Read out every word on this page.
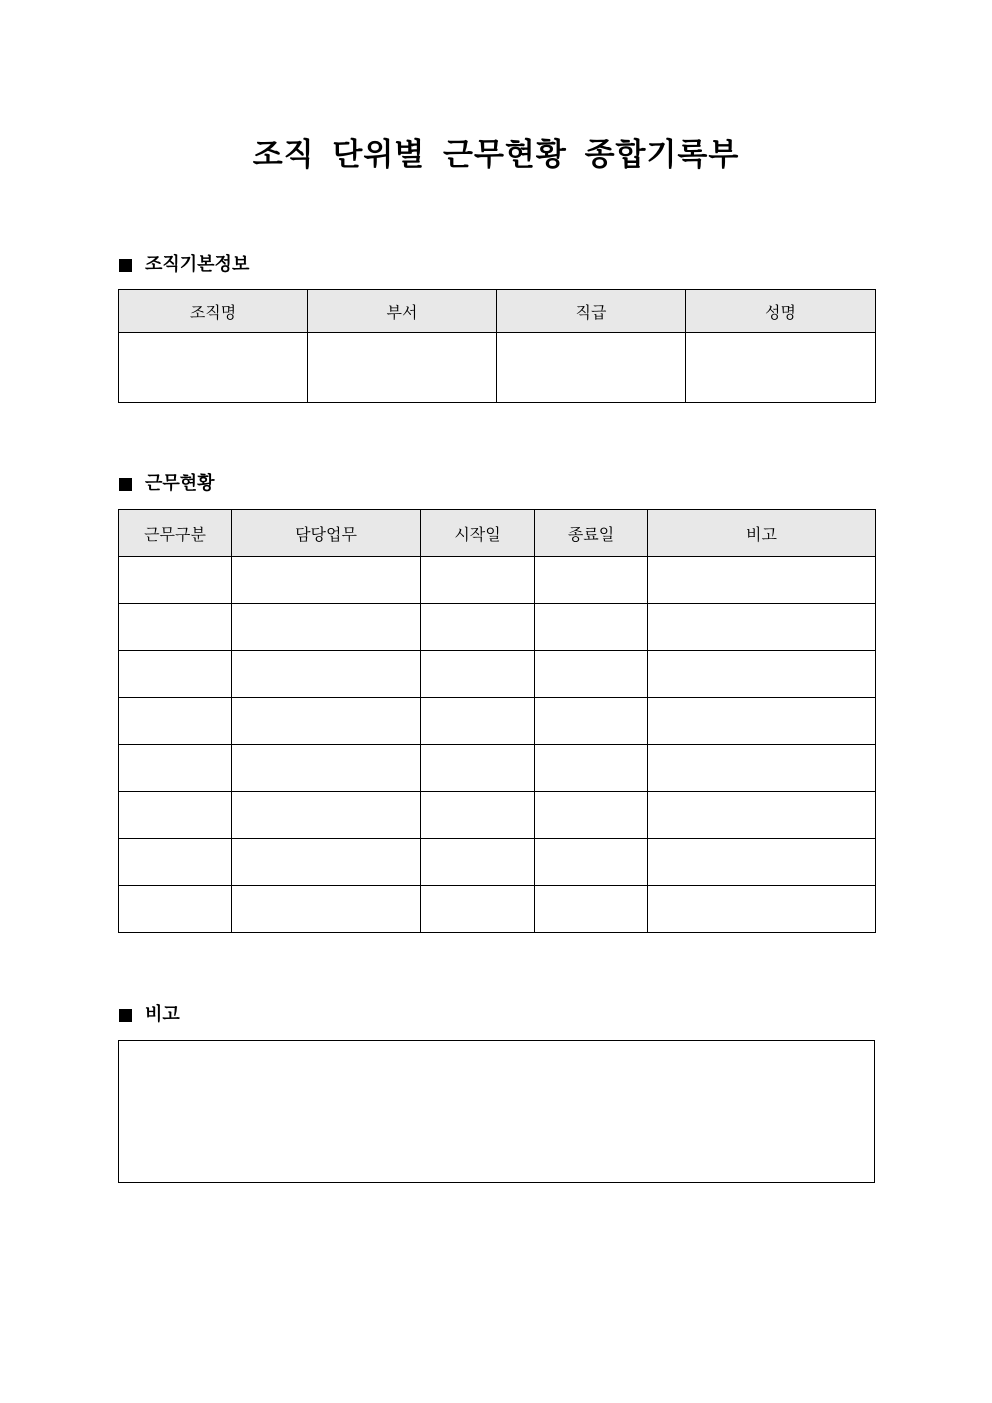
조직 단위별 근무현황 종합기록부
조직기본정보
조직명	부서	직급	성명

근무현황
근무구분	담당업무	시작일	종료일	비고

비고
